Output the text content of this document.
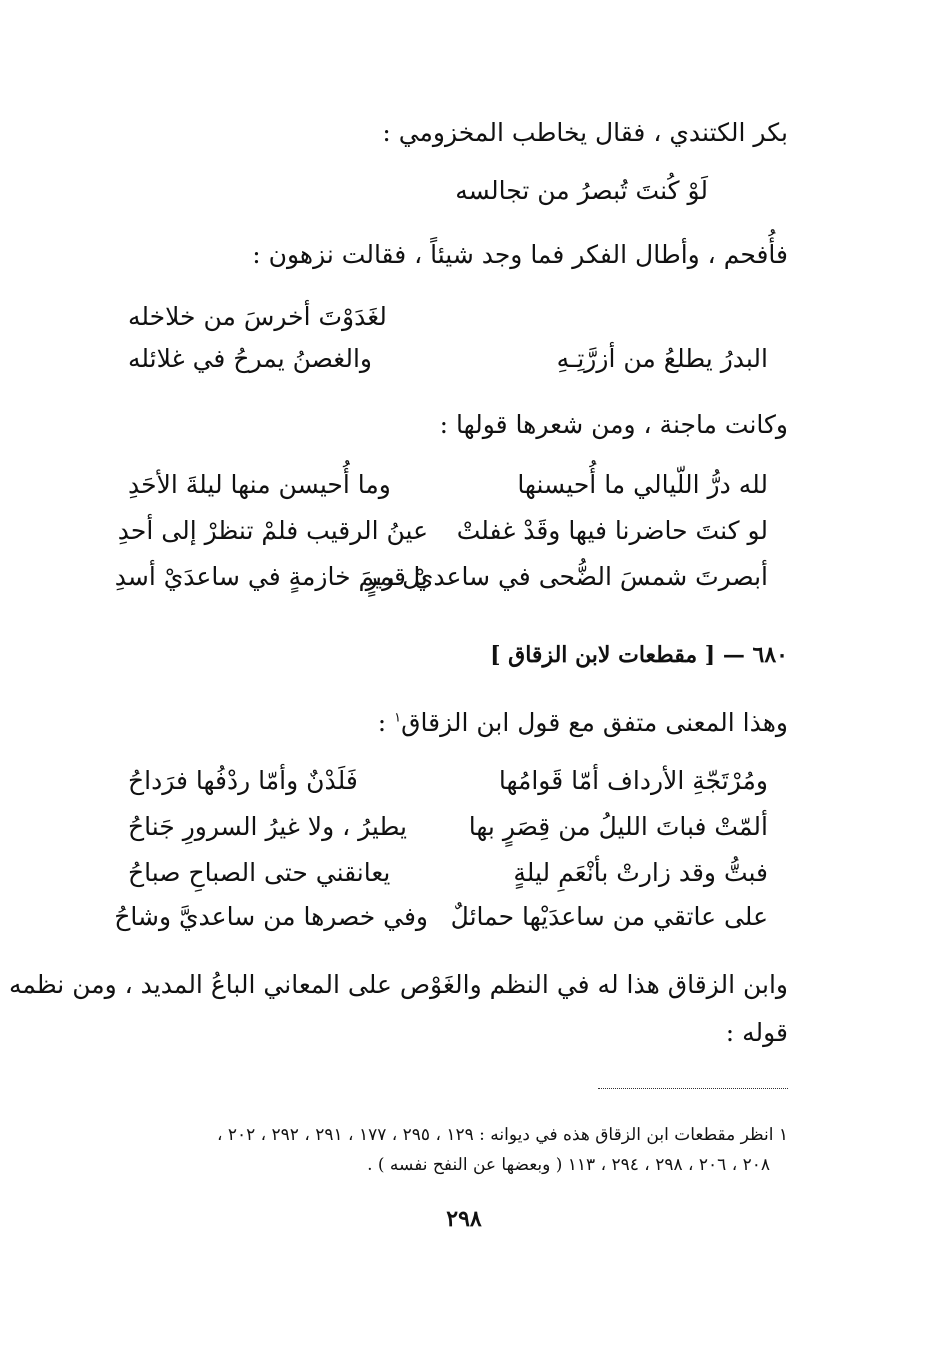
بكر الكتندي ، فقال يخاطب المخزومي :
لَوْ كُنتَ تُبصرُ من تجالسه
فأُفحم ، وأطال الفكر فما وجد شيئاً ، فقالت نزهون :
لغَدَوْتَ أخرسَ من خلاخله
البدرُ يطلعُ من أزرَّتِـهِ
والغصنُ يمرحُ في غلائله
وكانت ماجنة ، ومن شعرها قولها :
لله درُّ اللّيالي ما أُحيسنها
وما أُحيسن منها ليلةَ الأحَدِ
لو كنتَ حاضرنا فيها وقَدْ غفلتْ
عينُ الرقيب فلمْ تنظرْ إلى أحدِ
أبصرتَ شمسَ الضُّحى في ساعديْ قمرٍ
بل ريمَ خازمةٍ في ساعدَيْ أسدِ
٦٨٠ — [ مقطعات لابن الزقاق ]
وهذا المعنى متفق مع قول ابن الزقاق$^١$ :
ومُرْتَجّةِ الأرداف أمّا قَوامُها
فَلَدْنٌ وأمّا ردْفُها فرَداحُ
ألمّتْ فباتَ الليلُ من قِصَرٍ بها
يطيرُ ، ولا غيرُ السرورِ جَناحُ
فبتُّ وقد زارتْ بأنْعَمِ ليلةٍ
يعانقني حتى الصباحِ صباحُ
على عاتقي من ساعدَيْها حمائلٌ
وفي خصرها من ساعديَّ وشاحُ
وابن الزقاق هذا له في النظم والغَوْص على المعاني الباعُ المديد ، ومن نظمه
قوله :
١ انظر مقطعات ابن الزقاق هذه في ديوانه : ١٢٩ ، ٢٩٥ ، ١٧٧ ، ٢٩١ ، ٢٩٢ ، ٢٠٢ ،
٢٠٨ ، ٢٠٦ ، ٢٩٨ ، ٢٩٤ ، ١١٣ ( وبعضها عن النفح نفسه ) .
٢٩٨
